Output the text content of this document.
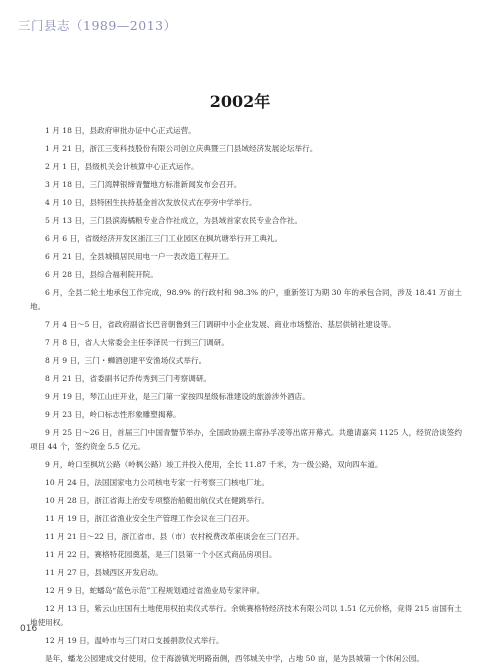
三门县志（1989—2013）
2002年

1 月 18 日，县政府审批办证中心正式运营。

1 月 21 日，浙江三变科技股份有限公司创立庆典暨三门县域经济发展论坛举行。

2 月 1 日，县级机关会计核算中心正式运作。

3 月 18 日，三门湾牌银缔青蟹地方标准新闻发布会召开。

4 月 10 日，县特困生扶持基金首次发放仪式在亭旁中学举行。

5 月 13 日，三门县滨海橘粮专业合作社成立，为县域首家农民专业合作社。

6 月 6 日，省级经济开发区浙江三门工业园区在枫坑塘举行开工典礼。

6 月 21 日，全县城镇居民用电一户一表改造工程开工。

6 月 28 日，县综合福利院开院。

6 月，全县二轮土地承包工作完成，98.9% 的行政村和 98.3% 的户，重新签订为期 30 年的承包合同，涉及 18.41 万亩土地。

7 月 4 日～5 日，省政府副省长巴音朝鲁到三门调研中小企业发展、商业市场整治、基层供销社建设等。

7 月 8 日，省人大常委会主任李泽民一行到三门调研。

8 月 9 日，三门・蛳酒创建平安渔场仪式举行。

8 月 21 日，省委副书记乔传秀到三门考察调研。

9 月 19 日，琴江山庄开业，是三门第一家按四星级标准建设的旅游涉外酒店。

9 月 23 日，岭口标志性形象雕塑揭幕。

9 月 25 日～26 日，首届三门中国青蟹节举办，全国政协副主席孙孚凌等出席开幕式。共邀请嘉宾 1125 人，经贸洽谈签约项目 44 个，签约资金 5.5 亿元。

9 月，岭口至枫坑公路（岭枫公路）竣工并投入使用，全长 11.87 千米，为一级公路，双向四车道。

10 月 24 日，法国国家电力公司核电专家一行考察三门核电厂址。

10 月 28 日，浙江省海上治安专项整治船艇出航仪式在健跳举行。

11 月 19 日，浙江省渔业安全生产管理工作会议在三门召开。

11 月 21 日～22 日，浙江省市、县（市）农村税费改革座谈会在三门召开。

11 月 22 日，赛格特花园奠基，是三门县第一个小区式商品房项目。

11 月 27 日，县城西区开发启动。

12 月 9 日，蛇蟠岛“蓝色示范”工程规划通过省渔业局专家评审。

12 月 13 日，紫云山庄国有土地使用权拍卖仪式举行。余姚赛格特经济技术有限公司以 1.51 亿元价格，竞得 215 亩国有土地使用权。

12 月 19 日，温岭市与三门对口支援捐款仪式举行。

是年，蟠龙公园建成交付使用，位于海游镇光明路南侧，西邻城关中学，占地 50 亩，是为县城第一个休闲公园。

016
